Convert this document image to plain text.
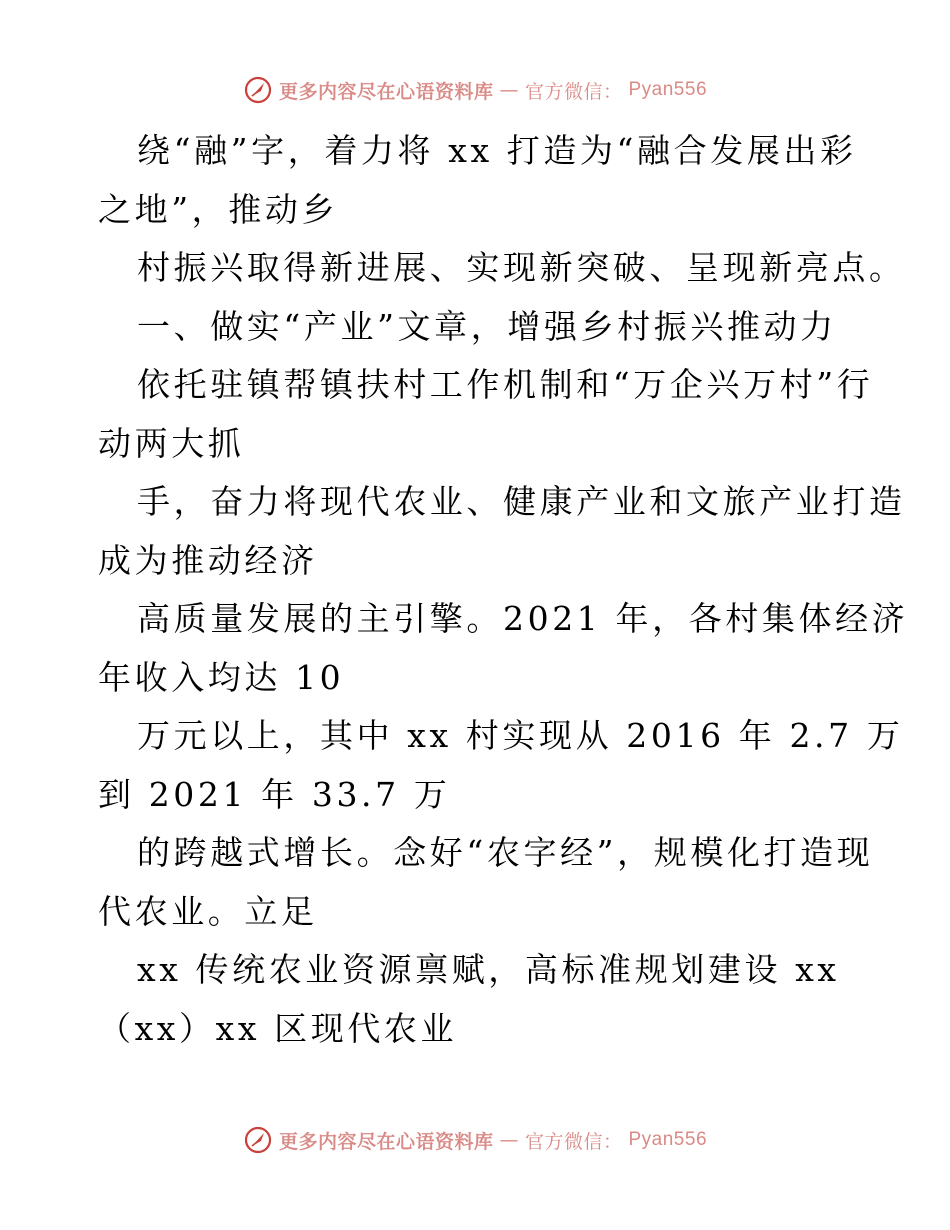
更多内容尽在心语资料库 — 官方微信： Pyan556
绕“融”字，着力将 xx 打造为“融合发展出彩
之地”，推动乡
村振兴取得新进展、实现新突破、呈现新亮点。
一、做实“产业”文章，增强乡村振兴推动力
依托驻镇帮镇扶村工作机制和“万企兴万村”行
动两大抓
手，奋力将现代农业、健康产业和文旅产业打造
成为推动经济
高质量发展的主引擎。2021 年，各村集体经济
年收入均达 10
万元以上，其中 xx 村实现从 2016 年 2.7 万
到 2021 年 33.7 万
的跨越式增长。念好“农字经”，规模化打造现
代农业。立足
xx 传统农业资源禀赋，高标准规划建设 xx
（xx）xx 区现代农业
更多内容尽在心语资料库 — 官方微信： Pyan556
